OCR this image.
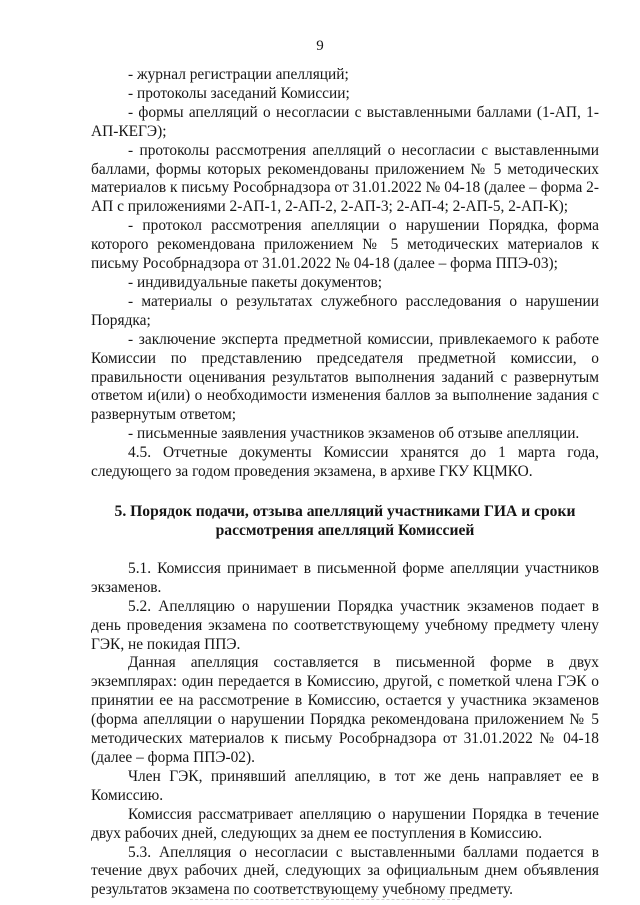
9

- журнал регистрации апелляций;

- протоколы заседаний Комиссии;

- формы апелляций о несогласии с выставленными баллами (1-АП, 1-АП-КЕГЭ);

- протоколы рассмотрения апелляций о несогласии с выставленными баллами, формы которых рекомендованы приложением № 5 методических материалов к письму Рособрнадзора от 31.01.2022 № 04-18 (далее – форма 2-АП с приложениями 2-АП-1, 2-АП-2, 2-АП-3; 2-АП-4; 2-АП-5, 2-АП-К);

- протокол рассмотрения апелляции о нарушении Порядка, форма которого рекомендована приложением № 5 методических материалов к письму Рособрнадзора от 31.01.2022 № 04-18 (далее – форма ППЭ-03);

- индивидуальные пакеты документов;

- материалы о результатах служебного расследования о нарушении Порядка;

- заключение эксперта предметной комиссии, привлекаемого к работе Комиссии по представлению председателя предметной комиссии, о правильности оценивания результатов выполнения заданий с развернутым ответом и(или) о необходимости изменения баллов за выполнение задания с развернутым ответом;

- письменные заявления участников экзаменов об отзыве апелляции.

4.5. Отчетные документы Комиссии хранятся до 1 марта года, следующего за годом проведения экзамена, в архиве ГКУ КЦМКО.

5. Порядок подачи, отзыва апелляций участниками ГИА и сроки
рассмотрения апелляций Комиссией

5.1. Комиссия принимает в письменной форме апелляции участников экзаменов.

5.2. Апелляцию о нарушении Порядка участник экзаменов подает в день проведения экзамена по соответствующему учебному предмету члену ГЭК, не покидая ППЭ.

Данная апелляция составляется в письменной форме в двух экземплярах: один передается в Комиссию, другой, с пометкой члена ГЭК о принятии ее на рассмотрение в Комиссию, остается у участника экзаменов (форма апелляции о нарушении Порядка рекомендована приложением № 5 методических материалов к письму Рособрнадзора от 31.01.2022 № 04-18 (далее – форма ППЭ-02).

Член ГЭК, принявший апелляцию, в тот же день направляет ее в Комиссию.

Комиссия рассматривает апелляцию о нарушении Порядка в течение двух рабочих дней, следующих за днем ее поступления в Комиссию.

5.3. Апелляция о несогласии с выставленными баллами подается в течение двух рабочих дней, следующих за официальным днем объявления результатов экзамена по соответствующему учебному предмету.
